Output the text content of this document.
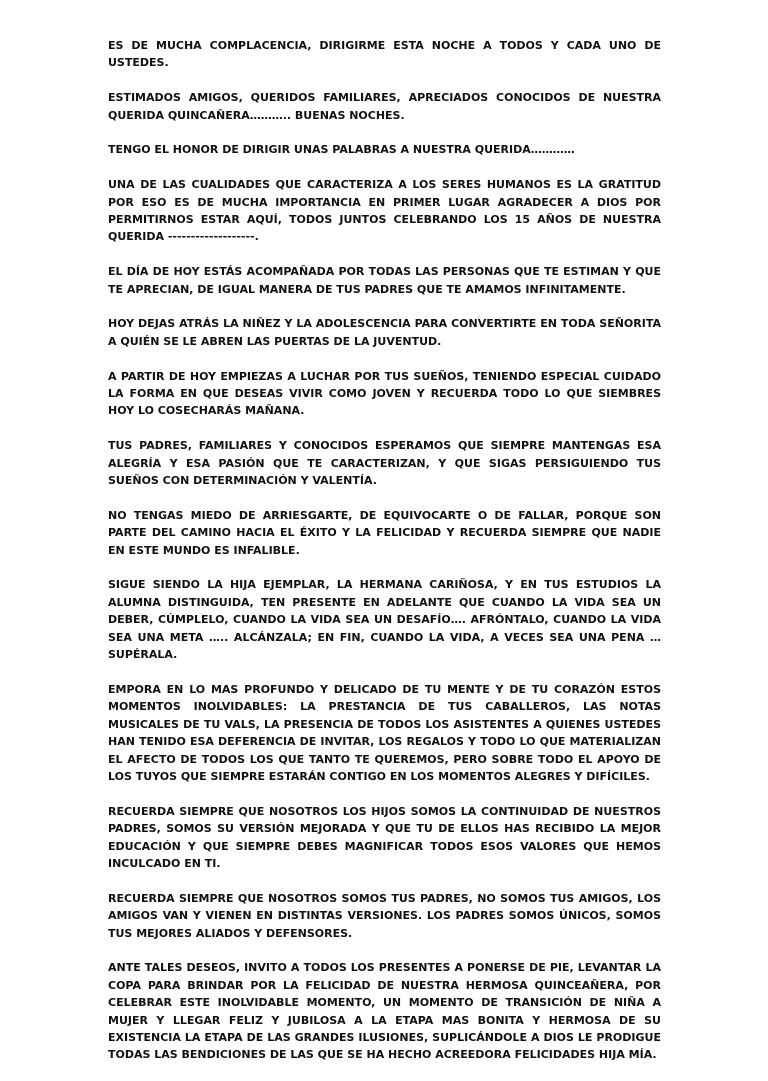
ES DE MUCHA COMPLACENCIA, DIRIGIRME ESTA NOCHE A TODOS Y CADA UNO DE USTEDES.

ESTIMADOS AMIGOS, QUERIDOS FAMILIARES, APRECIADOS CONOCIDOS DE NUESTRA QUERIDA QUINCAÑERA……….. BUENAS NOCHES.

TENGO EL HONOR DE DIRIGIR UNAS PALABRAS A NUESTRA QUERIDA…………

UNA DE LAS CUALIDADES QUE CARACTERIZA A LOS SERES HUMANOS ES LA GRATITUD POR ESO ES DE MUCHA IMPORTANCIA EN PRIMER LUGAR AGRADECER A DIOS POR PERMITIRNOS ESTAR AQUÍ, TODOS JUNTOS CELEBRANDO LOS 15 AÑOS DE NUESTRA QUERIDA -------------------.

EL DÍA DE HOY ESTÁS ACOMPAÑADA POR TODAS LAS PERSONAS QUE TE ESTIMAN Y QUE TE APRECIAN, DE IGUAL MANERA DE TUS PADRES QUE TE AMAMOS INFINITAMENTE.

HOY DEJAS ATRÁS LA NIÑEZ Y LA ADOLESCENCIA PARA CONVERTIRTE EN TODA SEÑORITA A QUIÉN SE LE ABREN LAS PUERTAS DE LA JUVENTUD.

A PARTIR DE HOY EMPIEZAS A LUCHAR POR TUS SUEÑOS, TENIENDO ESPECIAL CUIDADO LA FORMA EN QUE DESEAS VIVIR COMO JOVEN Y RECUERDA TODO LO QUE SIEMBRES HOY LO COSECHARÁS MAÑANA.

TUS PADRES, FAMILIARES Y CONOCIDOS ESPERAMOS QUE SIEMPRE MANTENGAS ESA ALEGRÍA Y ESA PASIÓN QUE TE CARACTERIZAN, Y QUE SIGAS PERSIGUIENDO TUS SUEÑOS CON DETERMINACIÓN Y VALENTÍA.

NO TENGAS MIEDO DE ARRIESGARTE, DE EQUIVOCARTE O DE FALLAR, PORQUE SON PARTE DEL CAMINO HACIA EL ÉXITO Y LA FELICIDAD Y RECUERDA SIEMPRE QUE NADIE EN ESTE MUNDO ES INFALIBLE.

SIGUE SIENDO LA HIJA EJEMPLAR, LA HERMANA CARIÑOSA, Y EN TUS ESTUDIOS LA ALUMNA DISTINGUIDA, TEN PRESENTE EN ADELANTE QUE CUANDO LA VIDA SEA UN DEBER, CÚMPLELO, CUANDO LA VIDA SEA UN DESAFÍO…. AFRÓNTALO, CUANDO LA VIDA SEA UNA META ….. ALCÁNZALA; EN FIN, CUANDO LA VIDA, A VECES SEA UNA PENA … SUPÉRALA.

EMPORA EN LO MAS PROFUNDO Y DELICADO DE TU MENTE Y DE TU CORAZÓN ESTOS MOMENTOS INOLVIDABLES: LA PRESTANCIA DE TUS CABALLEROS, LAS NOTAS MUSICALES DE TU VALS, LA PRESENCIA DE TODOS LOS ASISTENTES A QUIENES USTEDES HAN TENIDO ESA DEFERENCIA DE INVITAR, LOS REGALOS Y TODO LO QUE MATERIALIZAN EL AFECTO DE TODOS LOS QUE TANTO TE QUEREMOS, PERO SOBRE TODO EL APOYO DE LOS TUYOS QUE SIEMPRE ESTARÁN CONTIGO EN LOS MOMENTOS ALEGRES Y DIFÍCILES.

RECUERDA SIEMPRE QUE NOSOTROS LOS HIJOS SOMOS LA CONTINUIDAD DE NUESTROS PADRES, SOMOS SU VERSIÓN MEJORADA Y QUE TU DE ELLOS HAS RECIBIDO LA MEJOR EDUCACIÓN Y QUE SIEMPRE DEBES MAGNIFICAR TODOS ESOS VALORES QUE HEMOS INCULCADO EN TI.

RECUERDA SIEMPRE QUE NOSOTROS SOMOS TUS PADRES, NO SOMOS TUS AMIGOS, LOS AMIGOS VAN Y VIENEN EN DISTINTAS VERSIONES. LOS PADRES SOMOS ÚNICOS, SOMOS TUS MEJORES ALIADOS Y DEFENSORES.

ANTE TALES DESEOS, INVITO A TODOS LOS PRESENTES A PONERSE DE PIE, LEVANTAR LA COPA PARA BRINDAR POR LA FELICIDAD DE NUESTRA HERMOSA QUINCEAÑERA, POR CELEBRAR ESTE INOLVIDABLE MOMENTO, UN MOMENTO DE TRANSICIÓN DE NIÑA A MUJER Y LLEGAR FELIZ Y JUBILOSA A LA ETAPA MAS BONITA Y HERMOSA DE SU EXISTENCIA LA ETAPA DE LAS GRANDES ILUSIONES, SUPLICÁNDOLE A DIOS LE PRODIGUE TODAS LAS BENDICIONES DE LAS QUE SE HA HECHO ACREEDORA FELICIDADES HIJA MÍA.
